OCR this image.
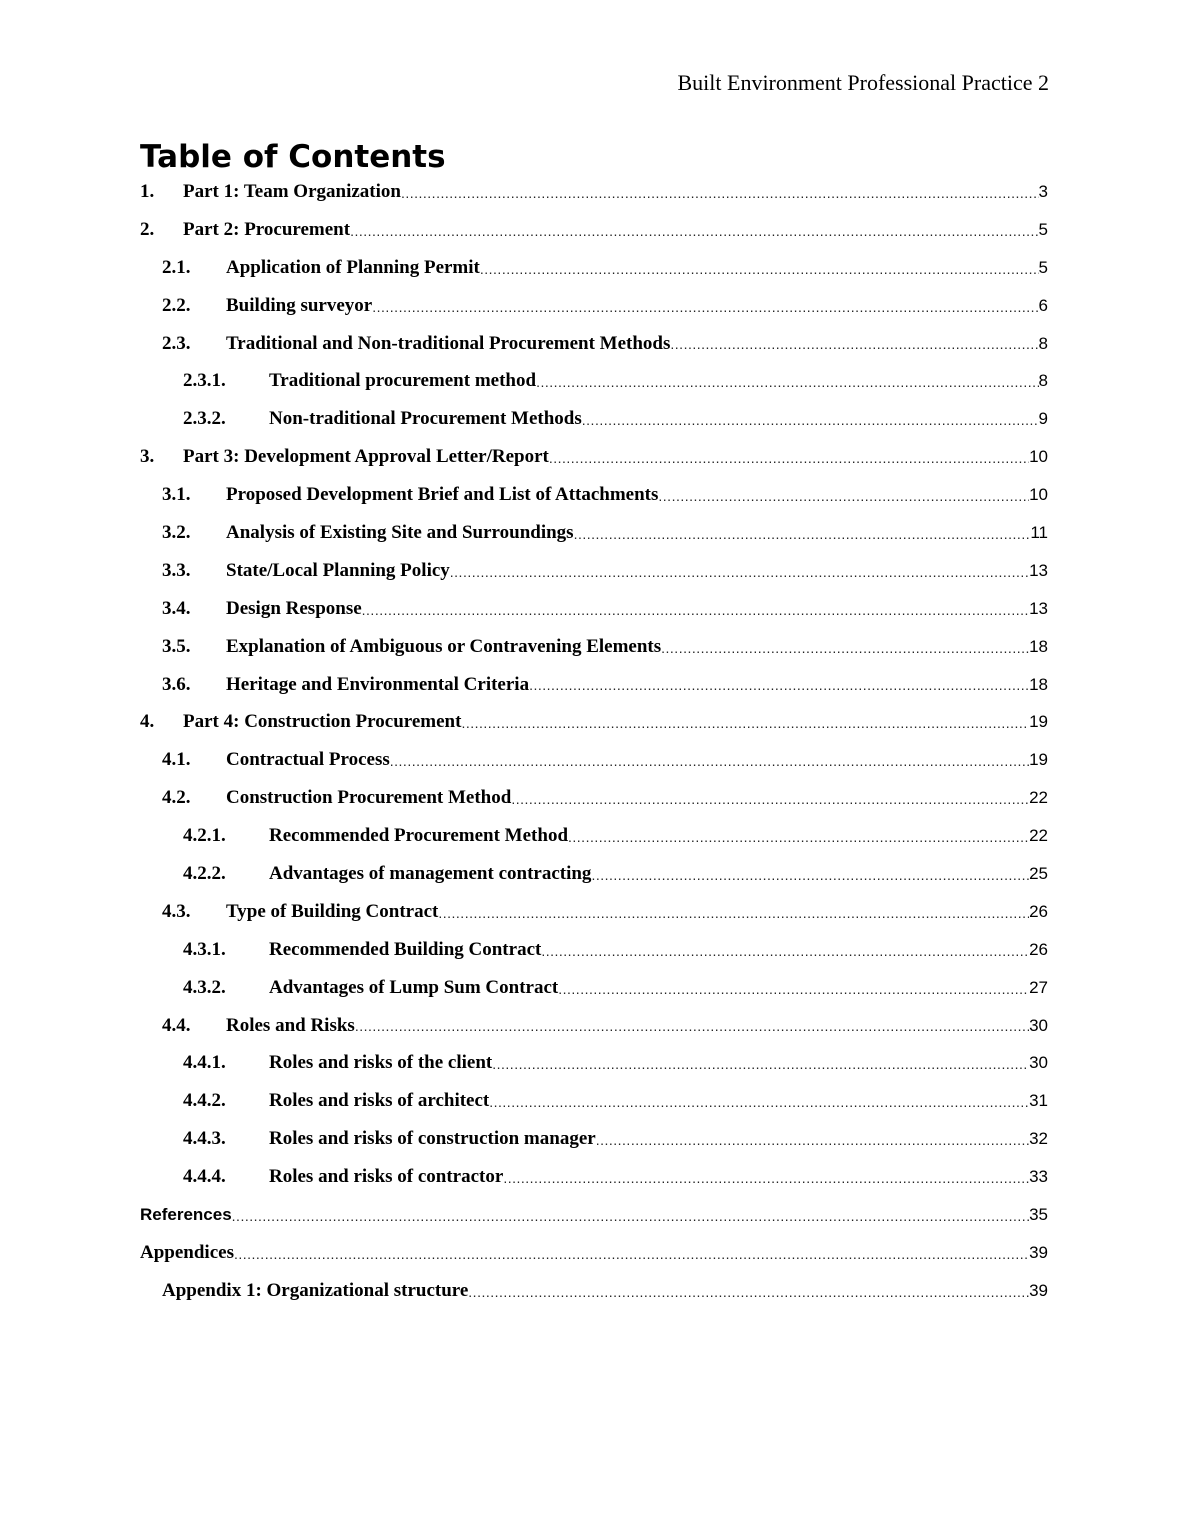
Built Environment Professional Practice 2
Table of Contents
1.	Part 1: Team Organization .....	3
2.	Part 2: Procurement .....	5
2.1.	Application of Planning Permit .....	5
2.2.	Building surveyor .....	6
2.3.	Traditional and Non-traditional Procurement Methods .....	8
2.3.1.	Traditional procurement method .....	8
2.3.2.	Non-traditional Procurement Methods .....	9
3.	Part 3: Development Approval Letter/Report .....	10
3.1.	Proposed Development Brief and List of Attachments .....	10
3.2.	Analysis of Existing Site and Surroundings .....	11
3.3.	State/Local Planning Policy .....	13
3.4.	Design Response .....	13
3.5.	Explanation of Ambiguous or Contravening Elements .....	18
3.6.	Heritage and Environmental Criteria .....	18
4.	Part 4: Construction Procurement .....	19
4.1.	Contractual Process .....	19
4.2.	Construction Procurement Method .....	22
4.2.1.	Recommended Procurement Method .....	22
4.2.2.	Advantages of management contracting .....	25
4.3.	Type of Building Contract .....	26
4.3.1.	Recommended Building Contract .....	26
4.3.2.	Advantages of Lump Sum Contract .....	27
4.4.	Roles and Risks .....	30
4.4.1.	Roles and risks of the client .....	30
4.4.2.	Roles and risks of architect .....	31
4.4.3.	Roles and risks of construction manager .....	32
4.4.4.	Roles and risks of contractor .....	33
References .....	35
Appendices .....	39
Appendix 1: Organizational structure .....	39
